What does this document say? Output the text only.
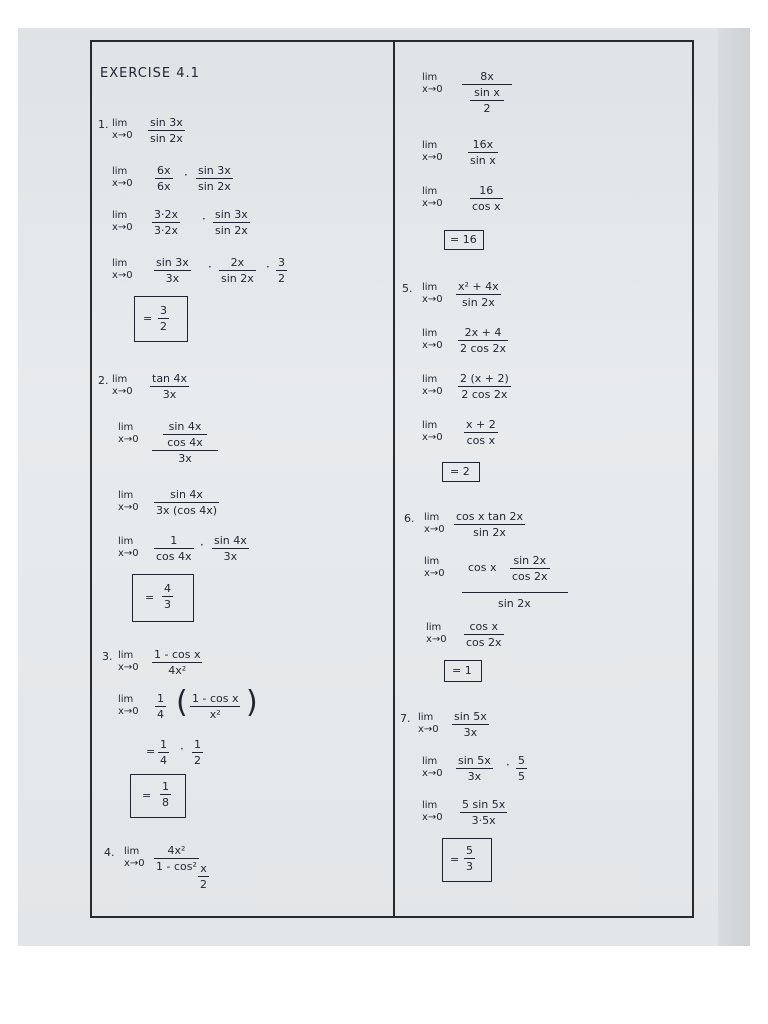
EXERCISE 4.1
1. lim
x→0
sin 3x
sin 2x
lim
x→0
6x
6x
· sin 3x
sin 2x
lim
x→0
3·2x
3·2x
· sin 3x
sin 2x
lim
x→0
sin 3x
3x
· 2x
sin 2x
· 3
2
=
3
2
2. lim
x→0
tan 4x
3x
lim
x→0
sin 4x
cos 4x
3x
lim
x→0
sin 4x
3x (cos 4x)
lim
x→0
1
cos 4x
· sin 4x
3x
=
4
3
3. lim
x→0
1 - cos x
4x²
lim
x→0
1
4 ( 1 - cos x
x² )
=
1
4
· 1
2
=
1
8
4. lim
x→0
4x²
1 - cos² x
2
lim
x→0
8x
sin x
2
lim
x→0
16x
sin x
lim
x→0
16
cos x
= 16
5. lim
x→0
x² + 4x
sin 2x
lim
x→0
2x + 4
2 cos 2x
lim
x→0
2 (x + 2)
2 cos 2x
lim
x→0
x + 2
cos x
= 2
6. lim
x→0
cos x tan 2x
sin 2x
lim
x→0 cos x
sin 2x
cos 2x
sin 2x
lim
x→0
cos x
cos 2x
= 1
7. lim
x→0
sin 5x
3x
lim
x→0
sin 5x
3x
· 5
5
lim
x→0
5 sin 5x
3·5x
=
5
3
